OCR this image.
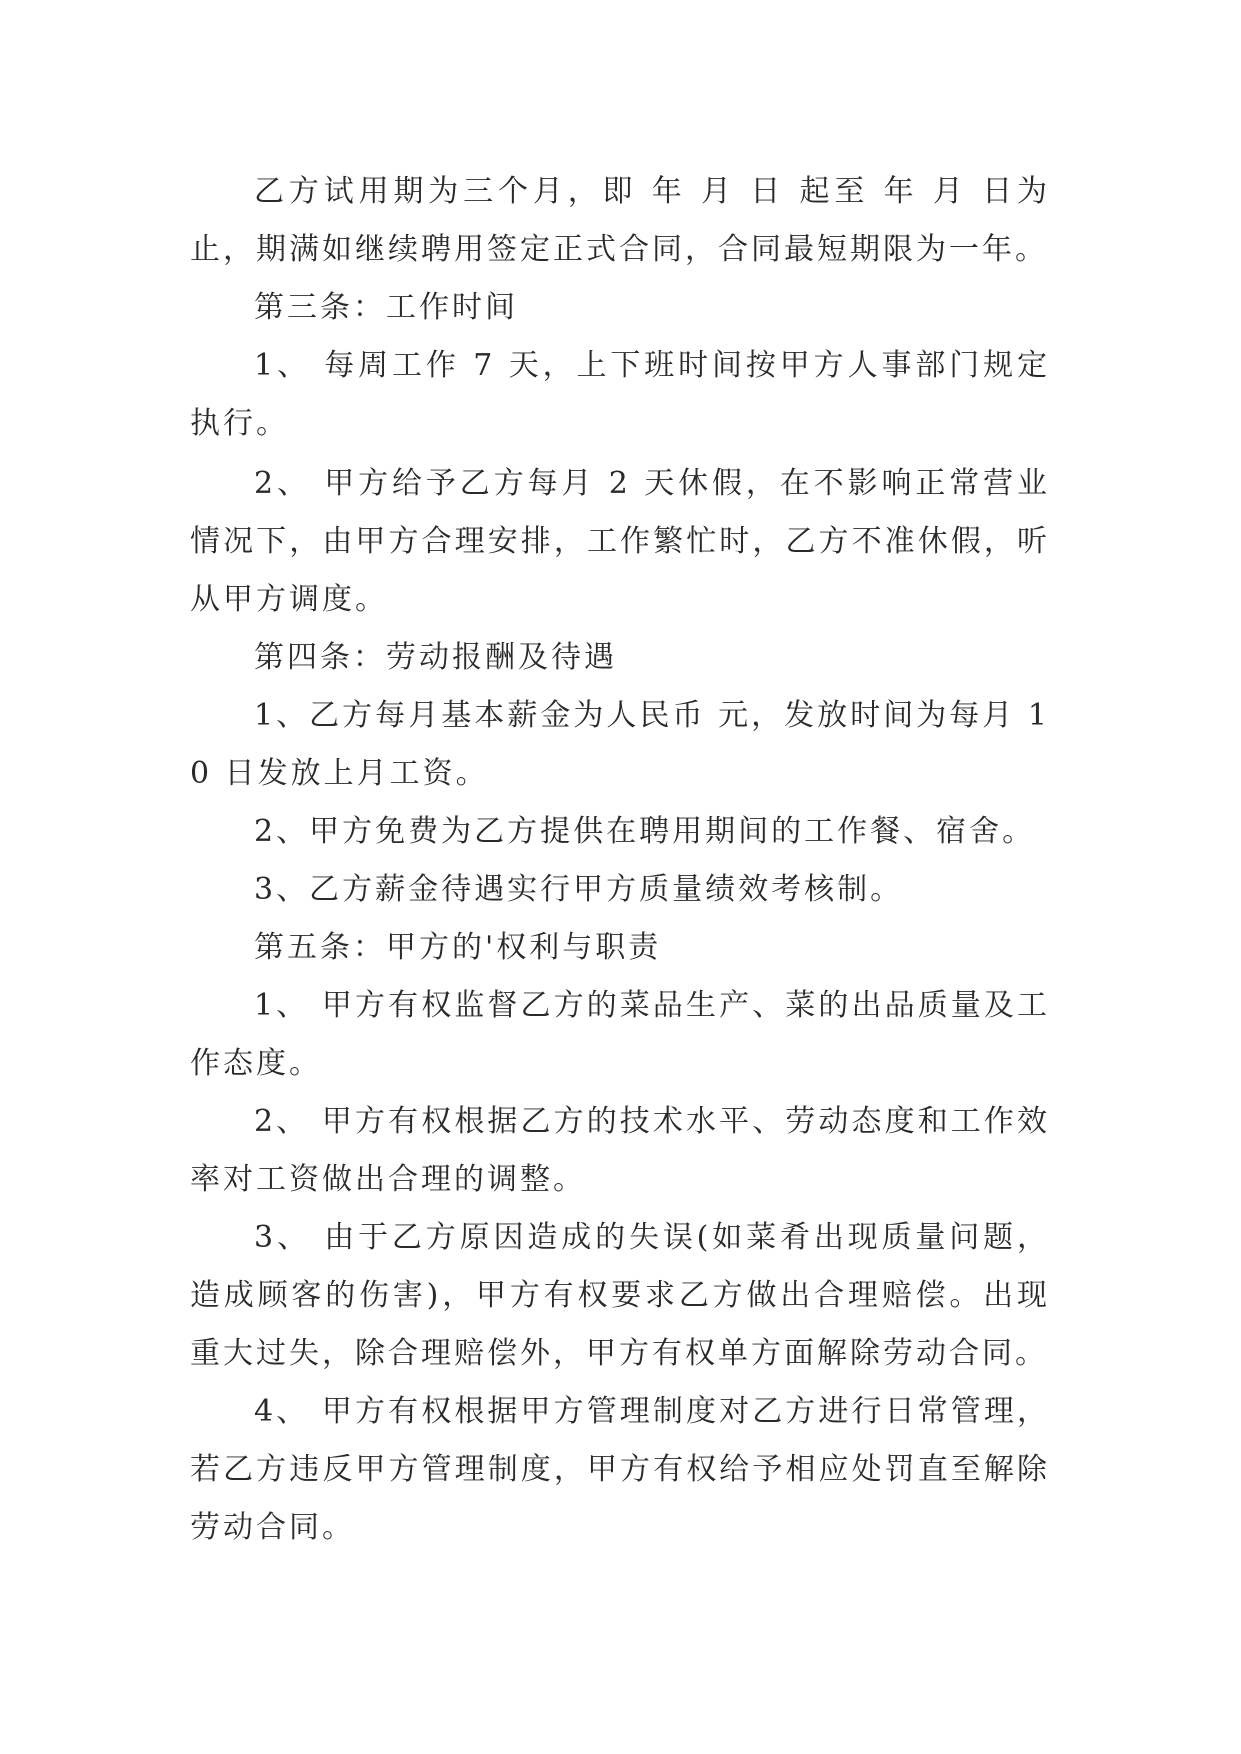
乙方试用期为三个月，即 年 月 日 起至 年 月 日为止，期满如继续聘用签定正式合同，合同最短期限为一年。

第三条：工作时间

1、 每周工作 7 天，上下班时间按甲方人事部门规定执行。

2、 甲方给予乙方每月 2 天休假，在不影响正常营业情况下，由甲方合理安排，工作繁忙时，乙方不准休假，听从甲方调度。

第四条：劳动报酬及待遇

1、乙方每月基本薪金为人民币 元，发放时间为每月 10 日发放上月工资。

2、甲方免费为乙方提供在聘用期间的工作餐、宿舍。

3、乙方薪金待遇实行甲方质量绩效考核制。

第五条：甲方的'权利与职责

1、 甲方有权监督乙方的菜品生产、菜的出品质量及工作态度。

2、 甲方有权根据乙方的技术水平、劳动态度和工作效率对工资做出合理的调整。

3、 由于乙方原因造成的失误(如菜肴出现质量问题，造成顾客的伤害)，甲方有权要求乙方做出合理赔偿。出现重大过失，除合理赔偿外，甲方有权单方面解除劳动合同。

4、 甲方有权根据甲方管理制度对乙方进行日常管理，若乙方违反甲方管理制度，甲方有权给予相应处罚直至解除劳动合同。
